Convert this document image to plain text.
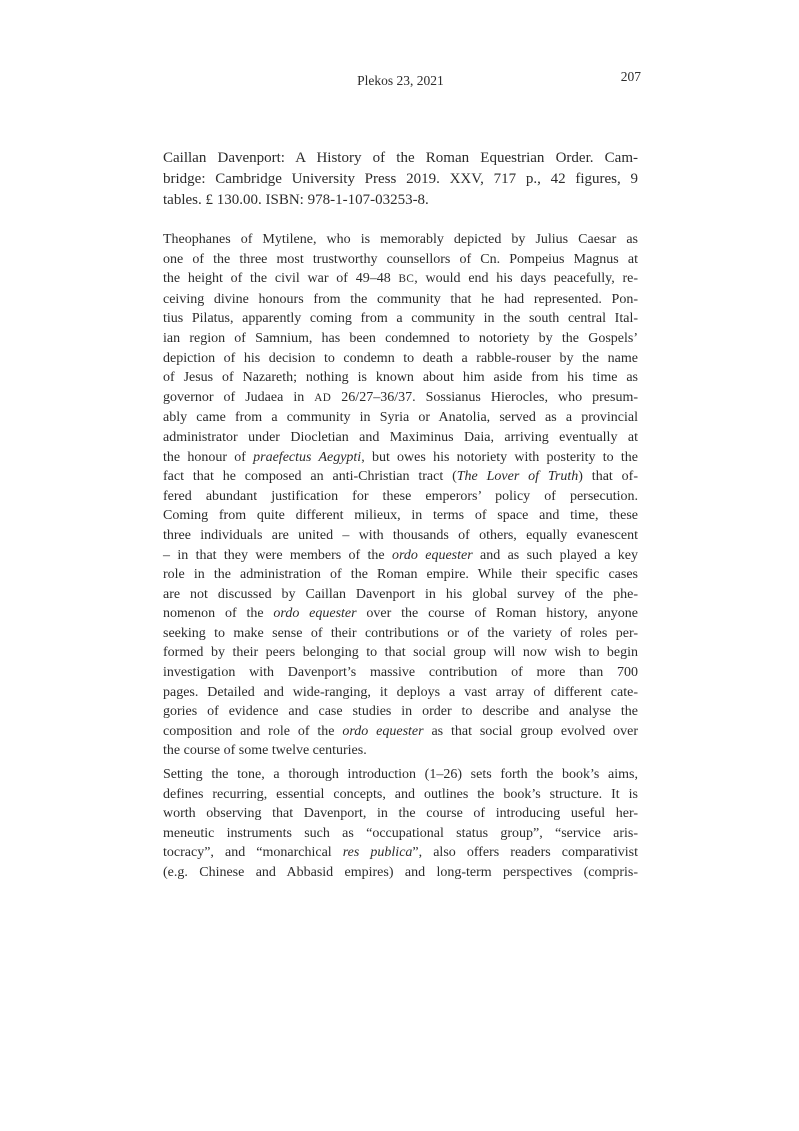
Plekos 23, 2021	207
Caillan Davenport: A History of the Roman Equestrian Order. Cam-
bridge: Cambridge University Press 2019. XXV, 717 p., 42 figures, 9
tables. £ 130.00. ISBN: 978-1-107-03253-8.
Theophanes of Mytilene, who is memorably depicted by Julius Caesar as
one of the three most trustworthy counsellors of Cn. Pompeius Magnus at
the height of the civil war of 49–48 BC, would end his days peacefully, re-
ceiving divine honours from the community that he had represented. Pon-
tius Pilatus, apparently coming from a community in the south central Ital-
ian region of Samnium, has been condemned to notoriety by the Gospels’
depiction of his decision to condemn to death a rabble-rouser by the name
of Jesus of Nazareth; nothing is known about him aside from his time as
governor of Judaea in AD 26/27–36/37. Sossianus Hierocles, who presum-
ably came from a community in Syria or Anatolia, served as a provincial
administrator under Diocletian and Maximinus Daia, arriving eventually at
the honour of praefectus Aegypti, but owes his notoriety with posterity to the
fact that he composed an anti-Christian tract (The Lover of Truth) that of-
fered abundant justification for these emperors’ policy of persecution.
Coming from quite different milieux, in terms of space and time, these
three individuals are united – with thousands of others, equally evanescent
– in that they were members of the ordo equester and as such played a key
role in the administration of the Roman empire. While their specific cases
are not discussed by Caillan Davenport in his global survey of the phe-
nomenon of the ordo equester over the course of Roman history, anyone
seeking to make sense of their contributions or of the variety of roles per-
formed by their peers belonging to that social group will now wish to begin
investigation with Davenport’s massive contribution of more than 700
pages. Detailed and wide-ranging, it deploys a vast array of different cate-
gories of evidence and case studies in order to describe and analyse the
composition and role of the ordo equester as that social group evolved over
the course of some twelve centuries.
Setting the tone, a thorough introduction (1–26) sets forth the book’s aims,
defines recurring, essential concepts, and outlines the book’s structure. It is
worth observing that Davenport, in the course of introducing useful her-
meneutic instruments such as “occupational status group”, “service aris-
tocracy”, and “monarchical res publica”, also offers readers comparativist
(e.g. Chinese and Abbasid empires) and long-term perspectives (compris-
